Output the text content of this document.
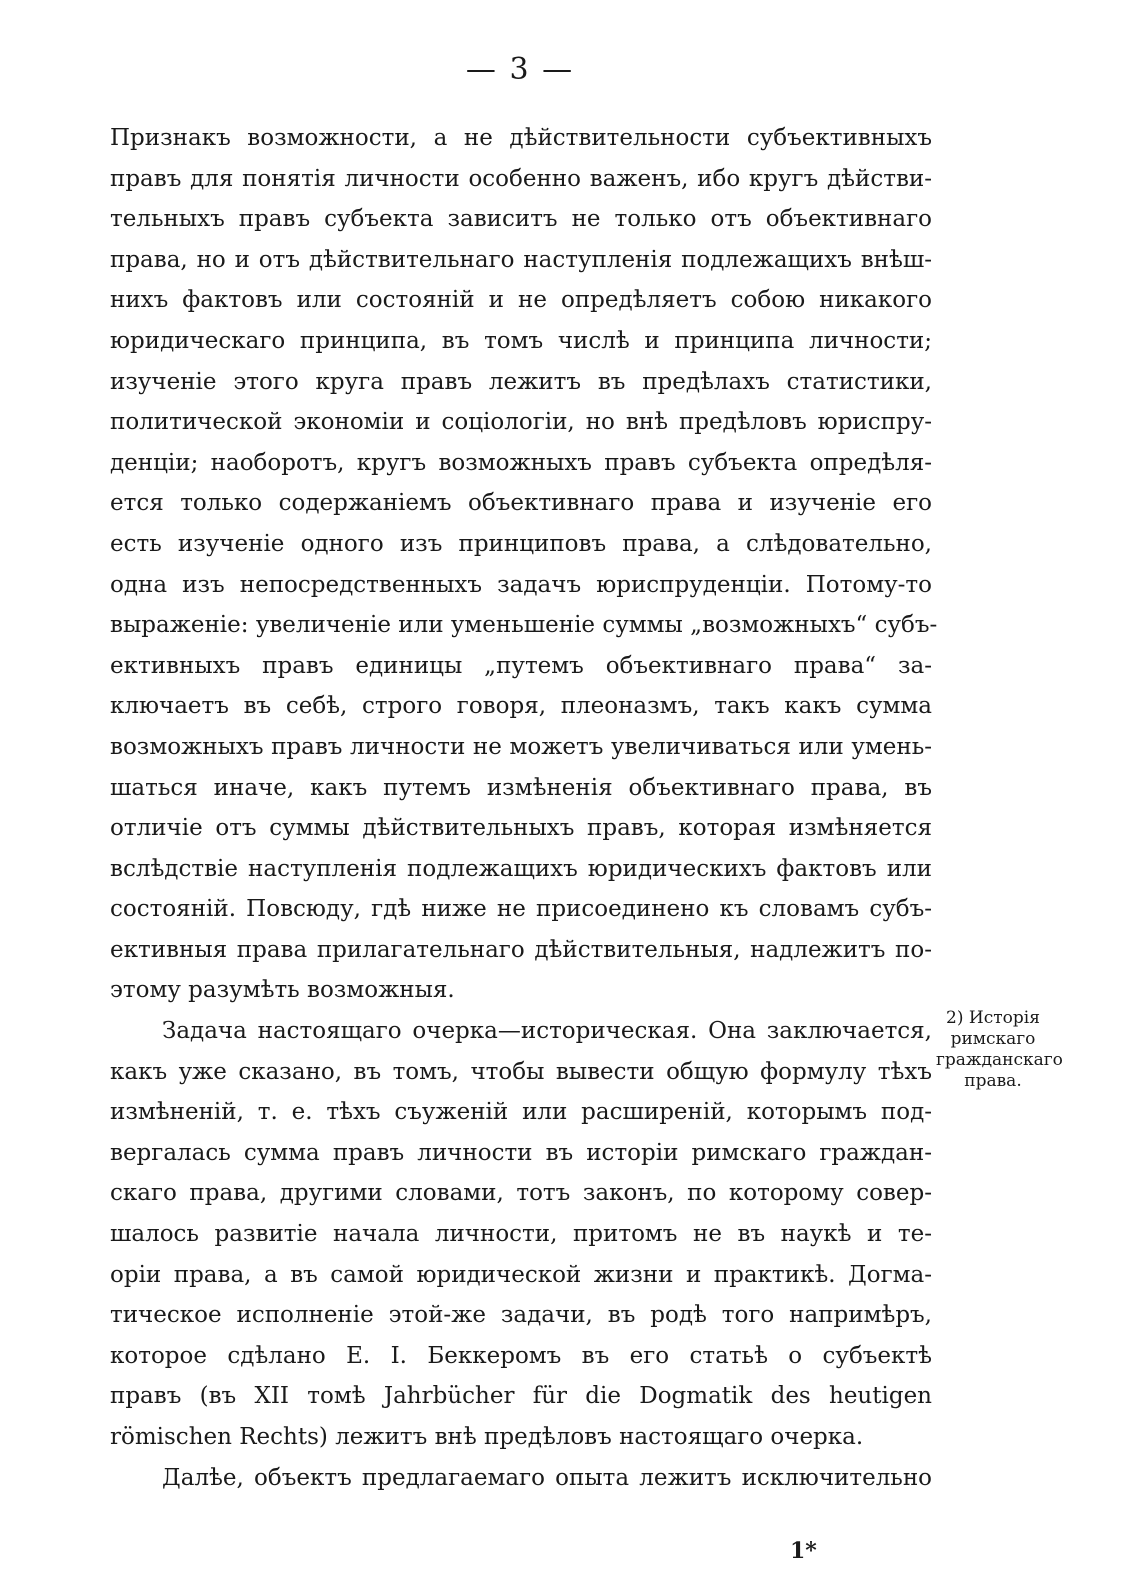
— 3 —
Признакъ возможности, а не дѣйствительности субъективныхъ
правъ для понятія личности особенно важенъ, ибо кругъ дѣйстви-
тельныхъ правъ субъекта зависитъ не только отъ объективнаго
права, но и отъ дѣйствительнаго наступленія подлежащихъ внѣш-
нихъ фактовъ или состояній и не опредѣляетъ собою никакого
юридическаго принципа, въ томъ числѣ и принципа личности;
изученіе этого круга правъ лежитъ въ предѣлахъ статистики,
политической экономіи и соціологіи, но внѣ предѣловъ юриспру-
денціи; наоборотъ, кругъ возможныхъ правъ субъекта опредѣля-
ется только содержаніемъ объективнаго права и изученіе его
есть изученіе одного изъ принциповъ права, а слѣдовательно,
одна изъ непосредственныхъ задачъ юриспруденціи. Потому-то
выраженіе: увеличеніе или уменьшеніе суммы „возможныхъ“ субъ-
ективныхъ правъ единицы „путемъ объективнаго права“ за-
ключаетъ въ себѣ, строго говоря, плеоназмъ, такъ какъ сумма
возможныхъ правъ личности не можетъ увеличиваться или умень-
шаться иначе, какъ путемъ измѣненія объективнаго права, въ
отличіе отъ суммы дѣйствительныхъ правъ, которая измѣняется
вслѣдствіе наступленія подлежащихъ юридическихъ фактовъ или
состояній. Повсюду, гдѣ ниже не присоединено къ словамъ субъ-
ективныя права прилагательнаго дѣйствительныя, надлежитъ по-
этому разумѣть возможныя.
Задача настоящаго очерка—историческая. Она заключается,
какъ уже сказано, въ томъ, чтобы вывести общую формулу тѣхъ
измѣненій, т. е. тѣхъ съуженій или расширеній, которымъ под-
вергалась сумма правъ личности въ исторіи римскаго граждан-
скаго права, другими словами, тотъ законъ, по которому совер-
шалось развитіе начала личности, притомъ не въ наукѣ и те-
оріи права, а въ самой юридической жизни и практикѣ. Догма-
тическое исполненіе этой-же задачи, въ родѣ того напримѣръ,
которое сдѣлано Е. І. Беккеромъ въ его статьѣ о субъектѣ
правъ (въ XII томѣ Jahrbücher für die Dogmatik des heutigen
römischen Rechts) лежитъ внѣ предѣловъ настоящаго очерка.
Далѣе, объектъ предлагаемаго опыта лежитъ исключительно
2) Исторія
римскаго
гражданскаго
права.
1*
